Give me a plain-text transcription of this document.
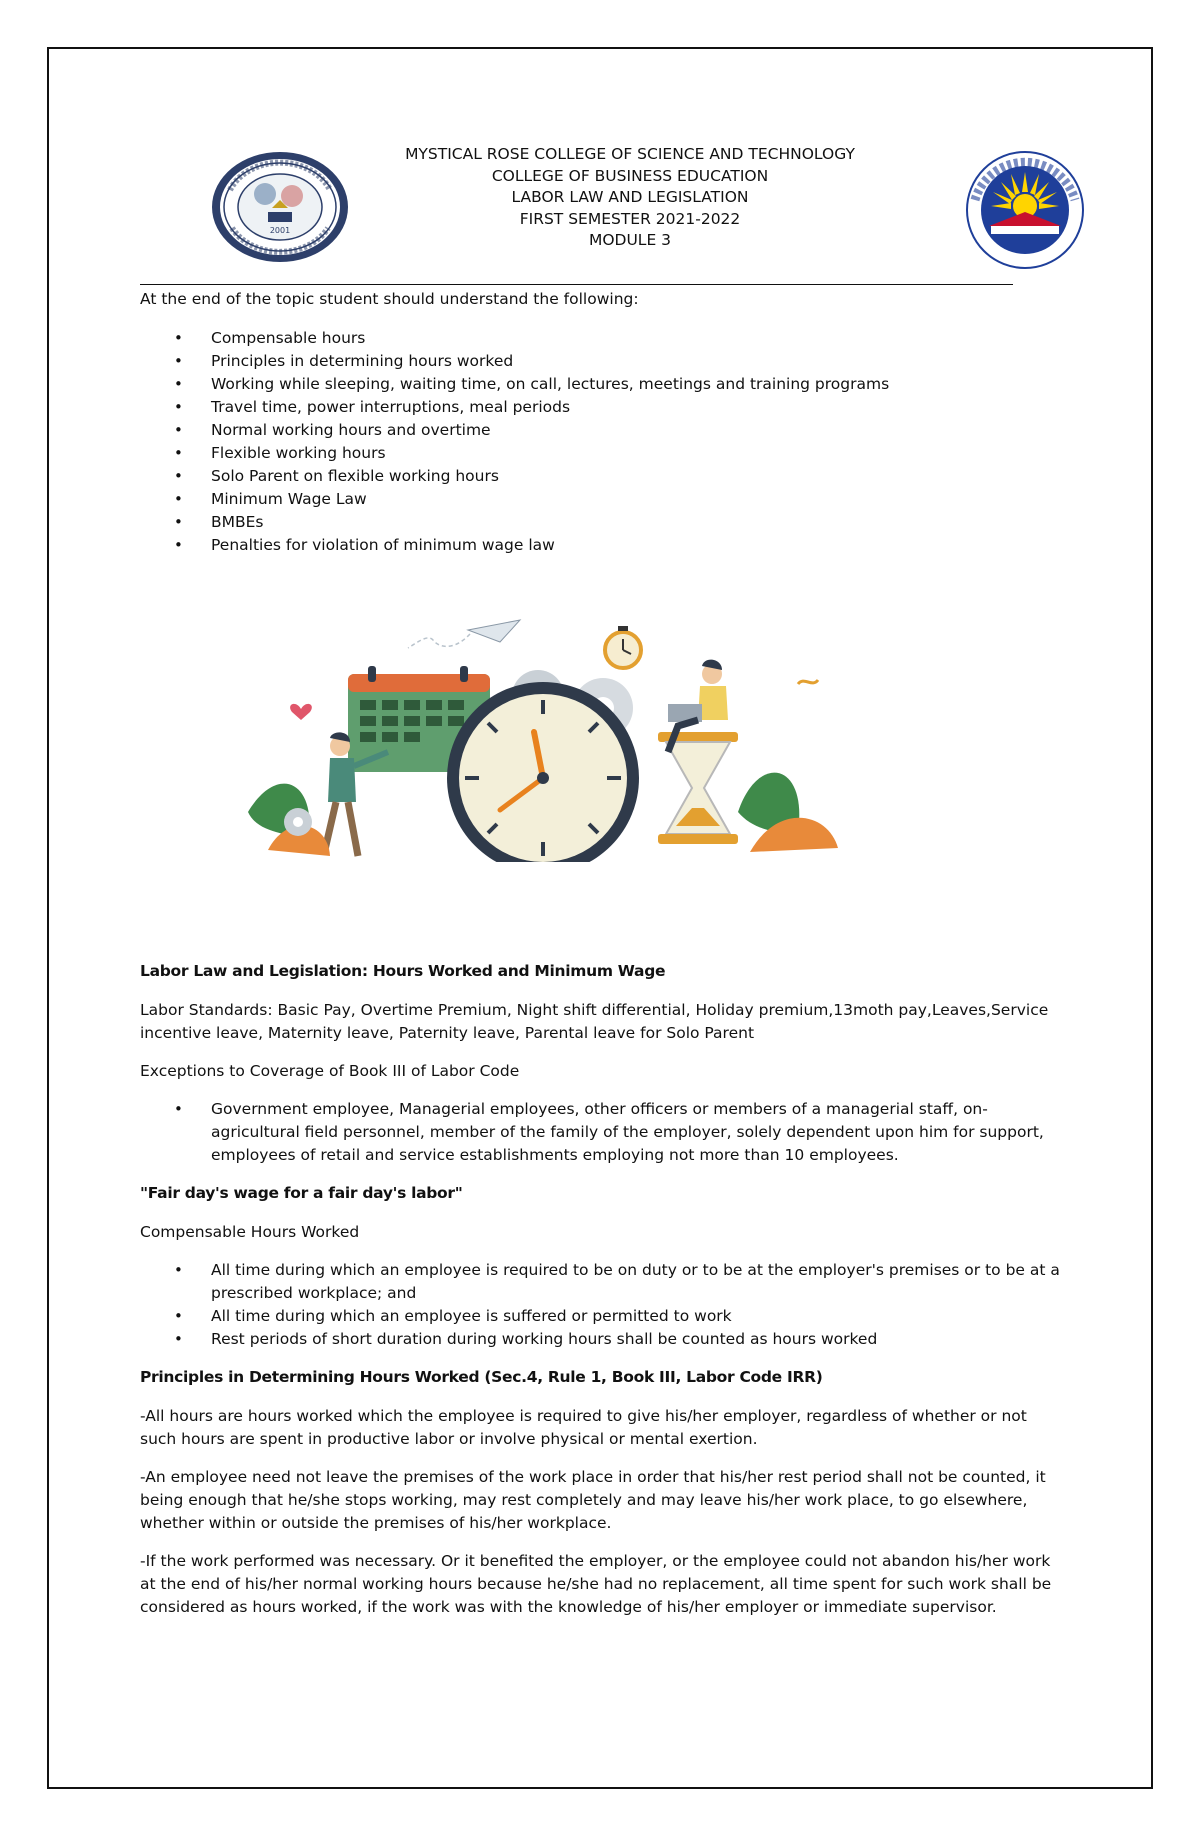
2001
MYSTICAL ROSE COLLEGE OF SCIENCE AND TECHNOLOGY
COLLEGE OF BUSINESS EDUCATION
LABOR LAW AND LEGISLATION
FIRST SEMESTER 2021-2022
MODULE 3

At the end of the topic student should understand the following:

• Compensable hours
• Principles in determining hours worked
• Working while sleeping, waiting time, on call, lectures, meetings and training programs
• Travel time, power interruptions, meal periods
• Normal working hours and overtime
• Flexible working hours
• Solo Parent on flexible working hours
• Minimum Wage Law
• BMBEs
• Penalties for violation of minimum wage law

Labor Law and Legislation: Hours Worked and Minimum Wage

Labor Standards: Basic Pay, Overtime Premium, Night shift differential, Holiday premium,13moth pay,Leaves,Service incentive leave, Maternity leave, Paternity leave, Parental leave for Solo Parent

Exceptions to Coverage of Book III of Labor Code

• Government employee, Managerial employees, other officers or members of a managerial staff, on-agricultural field personnel, member of the family of the employer, solely dependent upon him for support, employees of retail and service establishments employing not more than 10 employees.

"Fair day's wage for a fair day's labor"

Compensable Hours Worked

• All time during which an employee is required to be on duty or to be at the employer's premises or to be at a prescribed workplace; and
• All time during which an employee is suffered or permitted to work
• Rest periods of short duration during working hours shall be counted as hours worked

Principles in Determining Hours Worked (Sec.4, Rule 1, Book III, Labor Code IRR)

-All hours are hours worked which the employee is required to give his/her employer, regardless of whether or not such hours are spent in productive labor or involve physical or mental exertion.

-An employee need not leave the premises of the work place in order that his/her rest period shall not be counted, it being enough that he/she stops working, may rest completely and may leave his/her work place, to go elsewhere, whether within or outside the premises of his/her workplace.

-If the work performed was necessary. Or it benefited the employer, or the employee could not abandon his/her work at the end of his/her normal working hours because he/she had no replacement, all time spent for such work shall be considered as hours worked, if the work was with the knowledge of his/her employer or immediate supervisor.
